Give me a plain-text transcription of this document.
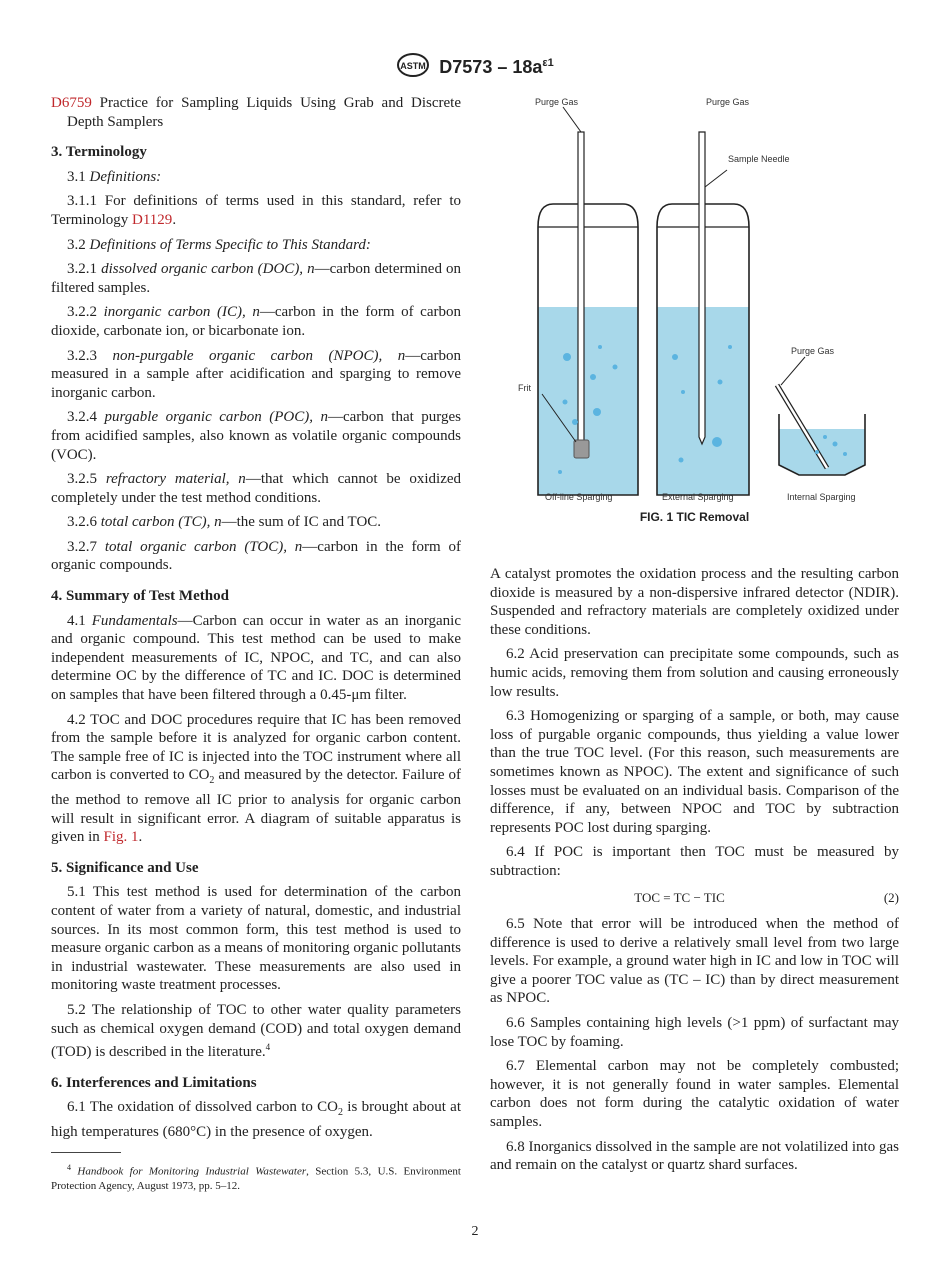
ASTM $D7573 - 18a^{\varepsilon 1}$

D6759 Practice for Sampling Liquids Using Grab and Discrete Depth Samplers

3. Terminology

3.1 Definitions:

3.1.1 For definitions of terms used in this standard, refer to Terminology D1129.

3.2 Definitions of Terms Specific to This Standard:

3.2.1 dissolved organic carbon (DOC), n—carbon determined on filtered samples.

3.2.2 inorganic carbon (IC), n—carbon in the form of carbon dioxide, carbonate ion, or bicarbonate ion.

3.2.3 non-purgable organic carbon (NPOC), n—carbon measured in a sample after acidification and sparging to remove inorganic carbon.

3.2.4 purgable organic carbon (POC), n—carbon that purges from acidified samples, also known as volatile organic compounds (VOC).

3.2.5 refractory material, n—that which cannot be oxidized completely under the test method conditions.

3.2.6 total carbon (TC), n—the sum of IC and TOC.

3.2.7 total organic carbon (TOC), n—carbon in the form of organic compounds.

4. Summary of Test Method

4.1 Fundamentals—Carbon can occur in water as an inorganic and organic compound. This test method can be used to make independent measurements of IC, NPOC, and TC, and can also determine OC by the difference of TC and IC. DOC is determined on samples that have been filtered through a 0.45-μm filter.

4.2 TOC and DOC procedures require that IC has been removed from the sample before it is analyzed for organic carbon content. The sample free of IC is injected into the TOC instrument where all carbon is converted to $CO_2$ and measured by the detector. Failure of the method to remove all IC prior to analysis for organic carbon will result in significant error. A diagram of suitable apparatus is given in Fig. 1.

5. Significance and Use

5.1 This test method is used for determination of the carbon content of water from a variety of natural, domestic, and industrial sources. In its most common form, this test method is used to measure organic carbon as a means of monitoring organic pollutants in industrial wastewater. These measurements are also used in monitoring waste treatment processes.

5.2 The relationship of TOC to other water quality parameters such as chemical oxygen demand (COD) and total oxygen demand (TOD) is described in the literature.$^4$

6. Interferences and Limitations

6.1 The oxidation of dissolved carbon to $CO_2$ is brought about at high temperatures (680°C) in the presence of oxygen.

$^4$ Handbook for Monitoring Industrial Wastewater, Section 5.3, U.S. Environment Protection Agency, August 1973, pp. 5–12.
Purge Gas	Purge Gas
Sample Needle
Purge Gas
Frit
Off-line Sparging	External Sparging	Internal Sparging
FIG. 1 TIC Removal

A catalyst promotes the oxidation process and the resulting carbon dioxide is measured by a non-dispersive infrared detector (NDIR). Suspended and refractory materials are completely oxidized under these conditions.

6.2 Acid preservation can precipitate some compounds, such as humic acids, removing them from solution and causing erroneously low results.

6.3 Homogenizing or sparging of a sample, or both, may cause loss of purgable organic compounds, thus yielding a value lower than the true TOC level. (For this reason, such measurements are sometimes known as NPOC). The extent and significance of such losses must be evaluated on an individual basis. Comparison of the difference, if any, between NPOC and TOC by subtraction represents POC lost during sparging.

6.4 If POC is important then TOC must be measured by subtraction:

TOC = TC − TIC	(2)

6.5 Note that error will be introduced when the method of difference is used to derive a relatively small level from two large levels. For example, a ground water high in IC and low in TOC will give a poorer TOC value as (TC – IC) than by direct measurement as NPOC.

6.6 Samples containing high levels (>1 ppm) of surfactant may lose TOC by foaming.

6.7 Elemental carbon may not be completely combusted; however, it is not generally found in water samples. Elemental carbon does not form during the catalytic oxidation of water samples.

6.8 Inorganics dissolved in the sample are not volatilized into gas and remain on the catalyst or quartz shard surfaces.

2
